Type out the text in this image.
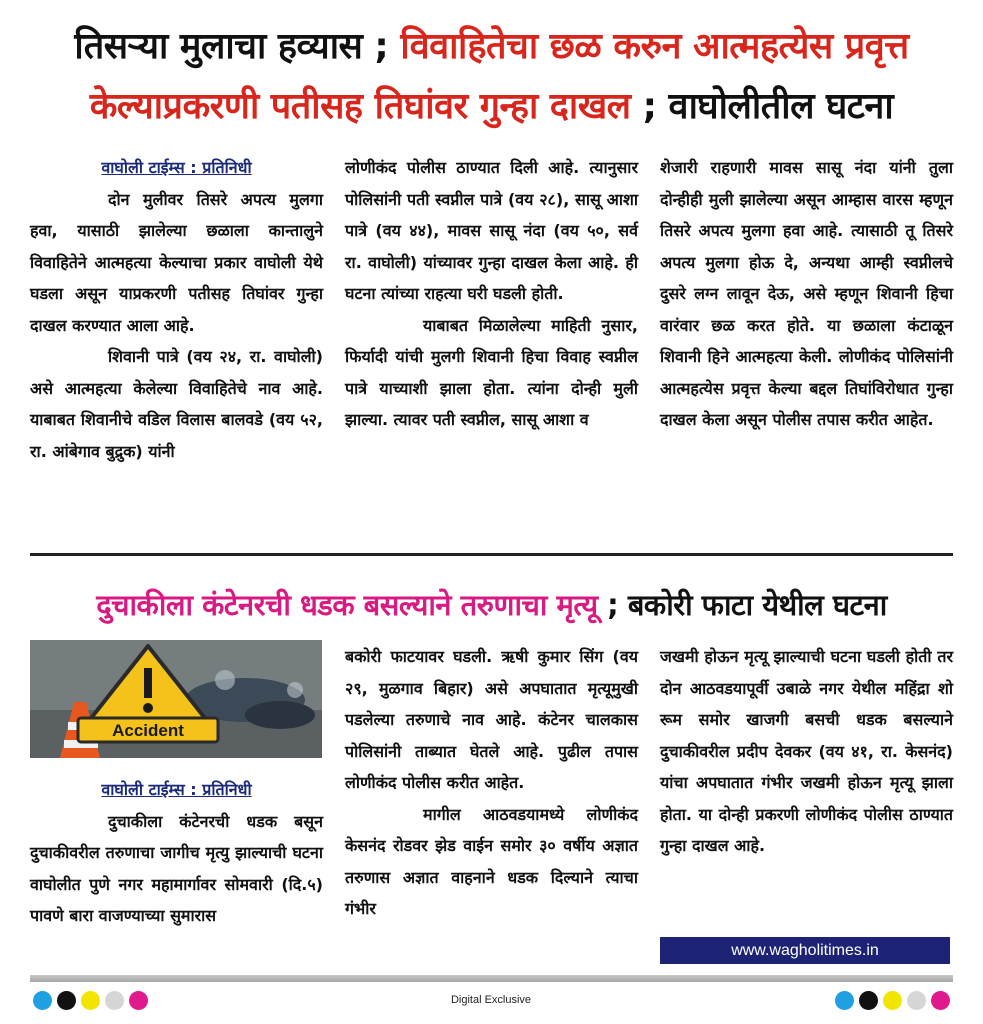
तिसऱ्या मुलाचा हव्यास ; विवाहितेचा छळ करुन आत्महत्येस प्रवृत्त
केल्याप्रकरणी पतीसह तिघांवर गुन्हा दाखल ; वाघोलीतील घटना
वाघोली टाईम्स : प्रतिनिधी

दोन मुलीवर तिसरे अपत्य मुलगा हवा, यासाठी झालेल्या छळाला कान्तालुने विवाहितेने आत्महत्या केल्याचा प्रकार वाघोली येथे घडला असून याप्रकरणी पतीसह तिघांवर गुन्हा दाखल करण्यात आला आहे.

शिवानी पात्रे (वय २४, रा. वाघोली) असे आत्महत्या केलेल्या विवाहितेचे नाव आहे. याबाबत शिवानीचे वडिल विलास बालवडे (वय ५२, रा. आंबेगाव बुद्रुक) यांनी

लोणीकंद पोलीस ठाण्यात दिली आहे. त्यानुसार पोलिसांनी पती स्वप्नील पात्रे (वय २८), सासू आशा पात्रे (वय ४४), मावस सासू नंदा (वय ५०, सर्व रा. वाघोली) यांच्यावर गुन्हा दाखल केला आहे. ही घटना त्यांच्या राहत्या घरी घडली होती.

याबाबत मिळालेल्या माहिती नुसार, फिर्यादी यांची मुलगी शिवानी हिचा विवाह स्वप्नील पात्रे याच्याशी झाला होता. त्यांना दोन्ही मुली झाल्या. त्यावर पती स्वप्नील, सासू आशा व

शेजारी राहणारी मावस सासू नंदा यांनी तुला दोन्हीही मुली झालेल्या असून आम्हास वारस म्हणून तिसरे अपत्य मुलगा हवा आहे. त्यासाठी तू तिसरे अपत्य मुलगा होऊ दे, अन्यथा आम्ही स्वप्नीलचे दुसरे लग्न लावून देऊ, असे म्हणून शिवानी हिचा वारंवार छळ करत होते. या छळाला कंटाळून शिवानी हिने आत्महत्या केली. लोणीकंद पोलिसांनी आत्महत्येस प्रवृत्त केल्या बद्दल तिघांविरोधात गुन्हा दाखल केला असून पोलीस तपास करीत आहेत.

दुचाकीला कंटेनरची धडक बसल्याने तरुणाचा मृत्यू ; बकोरी फाटा येथील घटना
Accident
वाघोली टाईम्स : प्रतिनिधी

दुचाकीला कंटेनरची धडक बसून दुचाकीवरील तरुणाचा जागीच मृत्यु झाल्याची घटना वाघोलीत पुणे नगर महामार्गावर सोमवारी (दि.५) पावणे बारा वाजण्याच्या सुमारास

बकोरी फाटयावर घडली. ऋषी कुमार सिंग (वय २९, मुळगाव बिहार) असे अपघातात मृत्यूमुखी पडलेल्या तरुणाचे नाव आहे. कंटेनर चालकास पोलिसांनी ताब्यात घेतले आहे. पुढील तपास लोणीकंद पोलीस करीत आहेत.

मागील आठवडयामध्ये लोणीकंद केसनंद रोडवर झेड वाईन समोर ३० वर्षीय अज्ञात तरुणास अज्ञात वाहनाने धडक दिल्याने त्याचा गंभीर

जखमी होऊन मृत्यू झाल्याची घटना घडली होती तर दोन आठवडयापूर्वी उबाळे नगर येथील महिंद्रा शो रूम समोर खाजगी बसची धडक बसल्याने दुचाकीवरील प्रदीप देवकर (वय ४१, रा. केसनंद) यांचा अपघातात गंभीर जखमी होऊन मृत्यू झाला होता. या दोन्ही प्रकरणी लोणीकंद पोलीस ठाण्यात गुन्हा दाखल आहे.

www.wagholitimes.in
Digital Exclusive
